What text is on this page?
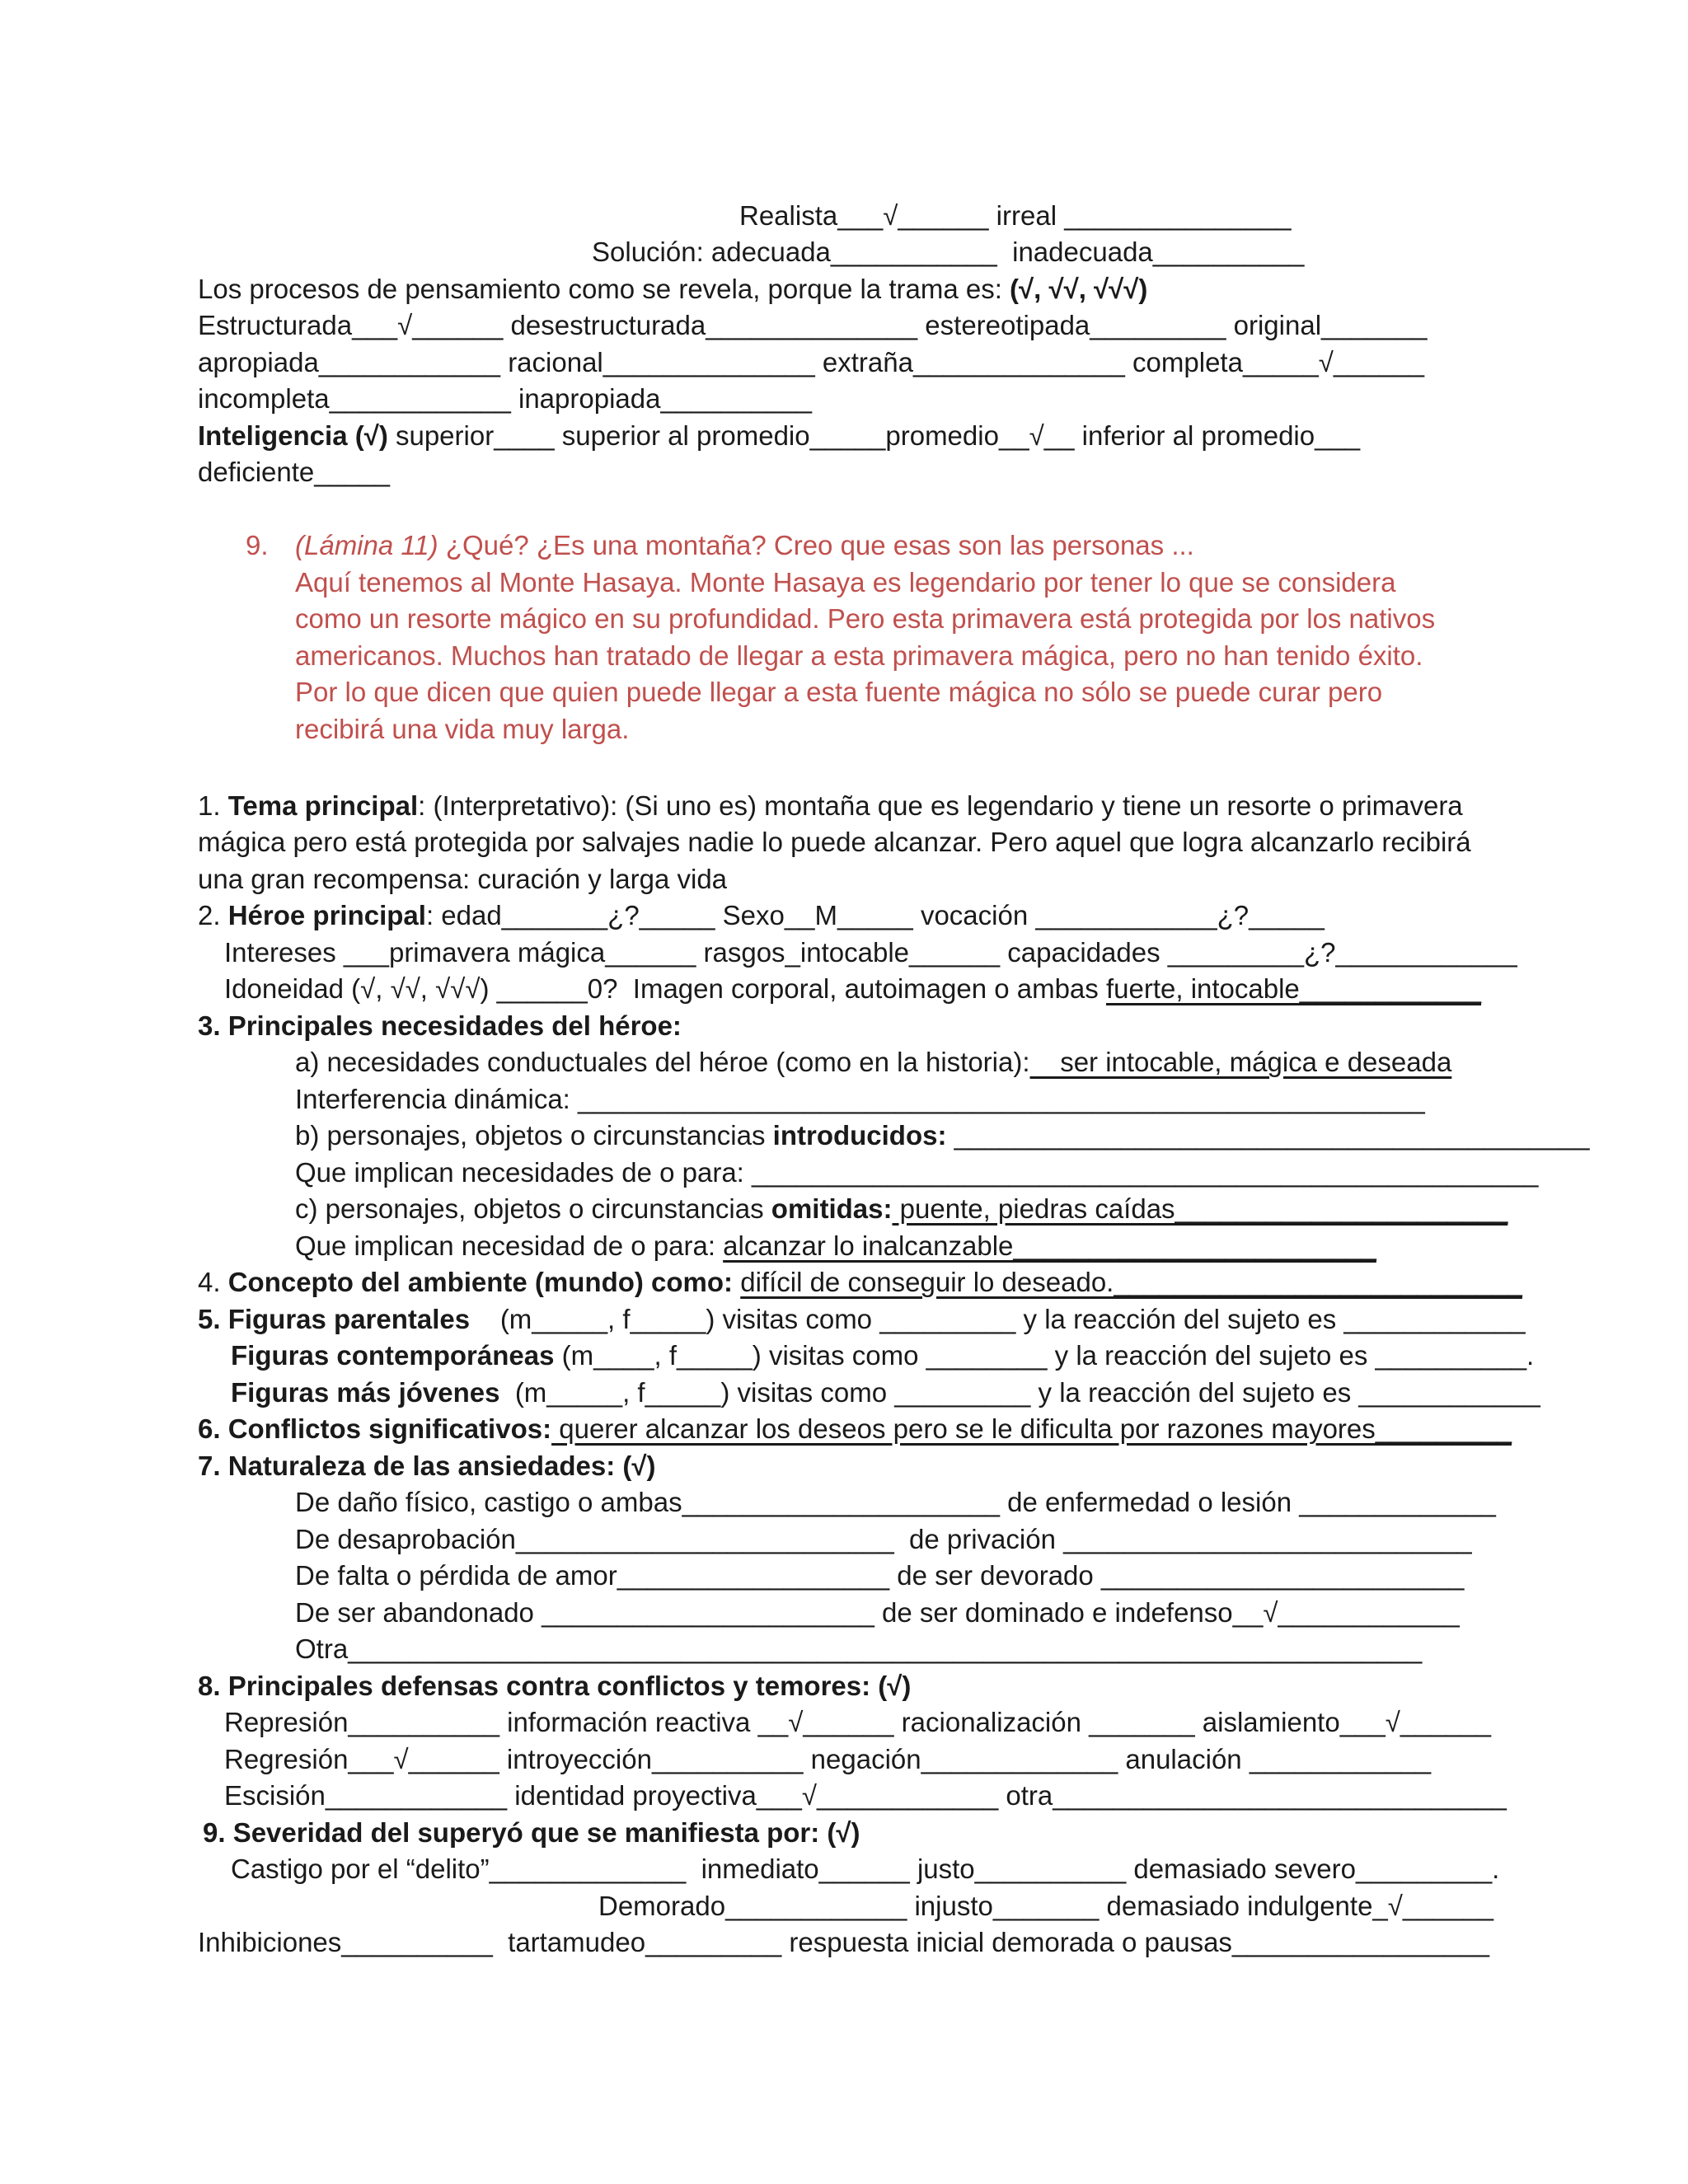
Realista___√______ irreal _______________
Solución: adecuada___________  inadecuada__________
Los procesos de pensamiento como se revela, porque la trama es: (√, √√, √√√)
Estructurada___√______ desestructurada______________ estereotipada_________ original_______
apropiada____________ racional______________ extraña______________ completa_____√______
incompleta____________ inapropiada__________
Inteligencia (√) superior____ superior al promedio_____promedio__√__ inferior al promedio___
deficiente_____
9. (Lámina 11) ¿Qué? ¿Es una montaña? Creo que esas son las personas ...
Aquí tenemos al Monte Hasaya. Monte Hasaya es legendario por tener lo que se considera
como un resorte mágico en su profundidad. Pero esta primavera está protegida por los nativos
americanos. Muchos han tratado de llegar a esta primavera mágica, pero no han tenido éxito.
Por lo que dicen que quien puede llegar a esta fuente mágica no sólo se puede curar pero
recibirá una vida muy larga.
1. Tema principal: (Interpretativo): (Si uno es) montaña que es legendario y tiene un resorte o primavera
mágica pero está protegida por salvajes nadie lo puede alcanzar. Pero aquel que logra alcanzarlo recibirá
una gran recompensa: curación y larga vida
2. Héroe principal: edad_______¿?_____ Sexo__M_____ vocación ____________¿?_____
Intereses ___primavera mágica______ rasgos_intocable______ capacidades _________¿?____________
Idoneidad (√, √√, √√√) ______0?  Imagen corporal, autoimagen o ambas fuerte, intocable____________
3. Principales necesidades del héroe:
a) necesidades conductuales del héroe (como en la historia):    ser intocable, mágica e deseada
Interferencia dinámica: ________________________________________________________
b) personajes, objetos o circunstancias introducidos: __________________________________________
Que implican necesidades de o para: ____________________________________________________
c) personajes, objetos o circunstancias omitidas: puente, piedras caídas______________________
Que implican necesidad de o para: alcanzar lo inalcanzable________________________
4. Concepto del ambiente (mundo) como: difícil de conseguir lo deseado.___________________________
5. Figuras parentales    (m_____, f_____) visitas como _________ y la reacción del sujeto es ____________
Figuras contemporáneas (m____, f_____) visitas como ________ y la reacción del sujeto es __________.
Figuras más jóvenes  (m_____, f_____) visitas como _________ y la reacción del sujeto es ____________
6. Conflictos significativos: querer alcanzar los deseos pero se le dificulta por razones mayores_________
7. Naturaleza de las ansiedades: (√)
De daño físico, castigo o ambas_____________________ de enfermedad o lesión _____________
De desaprobación_________________________  de privación ___________________________
De falta o pérdida de amor__________________ de ser devorado ________________________
De ser abandonado ______________________ de ser dominado e indefenso__√____________
Otra_______________________________________________________________________
8. Principales defensas contra conflictos y temores: (√)
Represión__________ información reactiva __√______ racionalización _______ aislamiento___√______
Regresión___√______ introyección__________ negación_____________ anulación ____________
Escisión____________ identidad proyectiva___√____________ otra______________________________
9. Severidad del superyó que se manifiesta por: (√)
Castigo por el “delito”_____________  inmediato______ justo__________ demasiado severo_________.
Demorado____________ injusto_______ demasiado indulgente_√______
Inhibiciones__________  tartamudeo_________ respuesta inicial demorada o pausas_________________
